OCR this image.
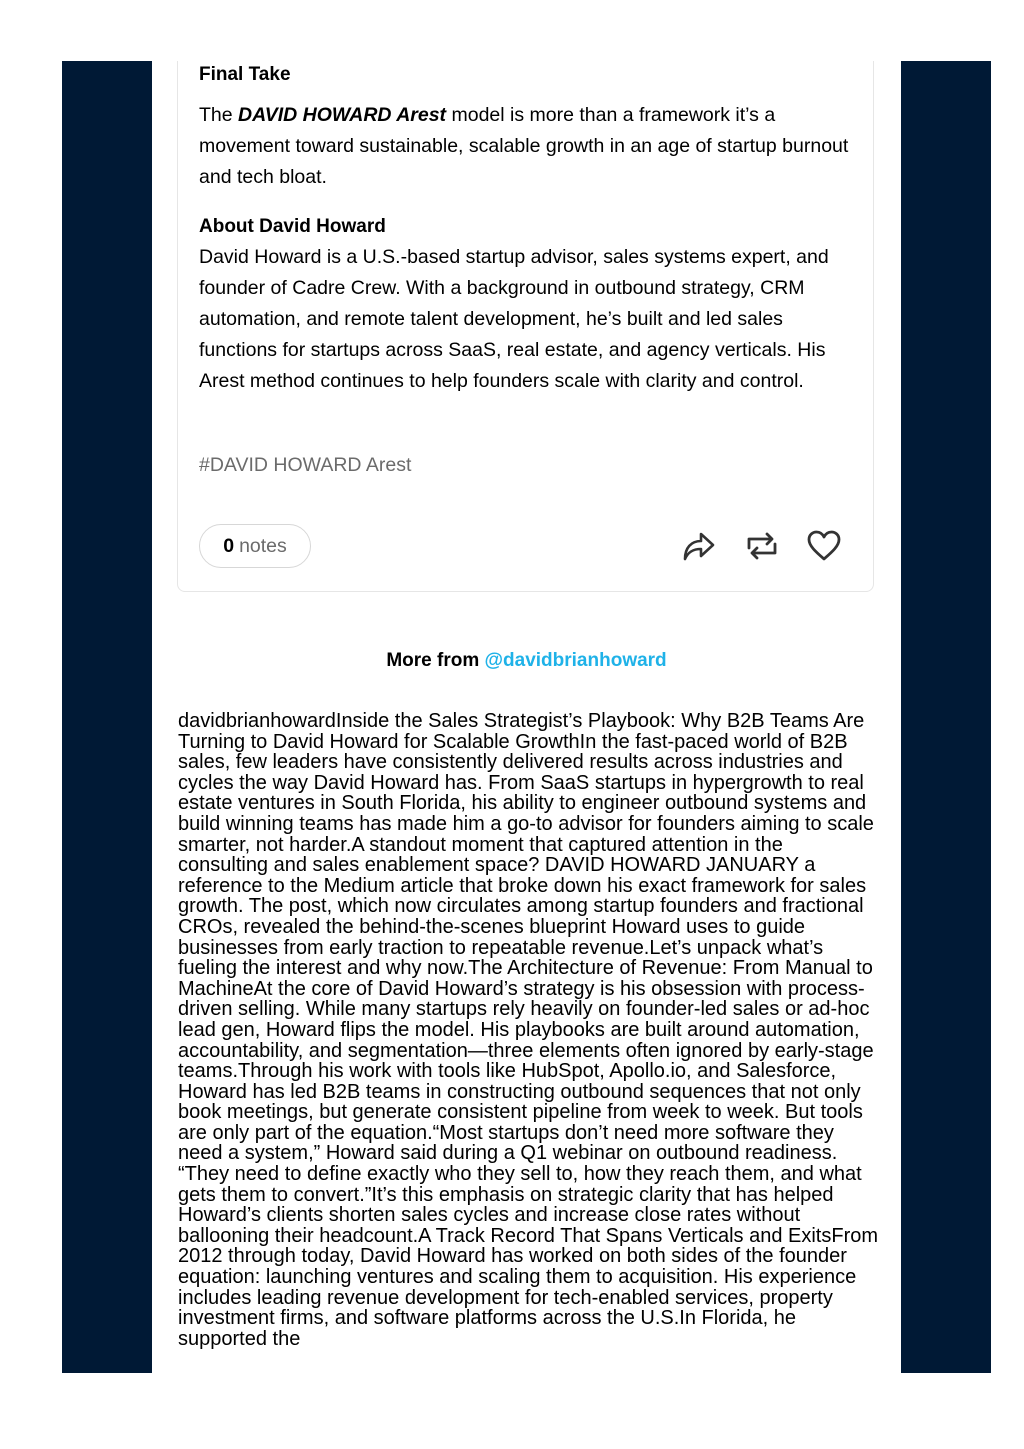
Final Take

The DAVID HOWARD Arest model is more than a framework it’s a movement toward sustainable, scalable growth in an age of startup burnout and tech bloat.

About David Howard

David Howard is a U.S.-based startup advisor, sales systems expert, and founder of Cadre Crew. With a background in outbound strategy, CRM automation, and remote talent development, he’s built and led sales functions for startups across SaaS, real estate, and agency verticals. His Arest method continues to help founders scale with clarity and control.

#DAVID HOWARD Arest
0 notes
More from @davidbrianhoward

davidbrianhowardInside the Sales Strategist’s Playbook: Why B2B Teams Are Turning to David Howard for Scalable GrowthIn the fast-paced world of B2B sales, few leaders have consistently delivered results across industries and cycles the way David Howard has. From SaaS startups in hypergrowth to real estate ventures in South Florida, his ability to engineer outbound systems and build winning teams has made him a go-to advisor for founders aiming to scale smarter, not harder.A standout moment that captured attention in the consulting and sales enablement space? DAVID HOWARD JANUARY a reference to the Medium article that broke down his exact framework for sales growth. The post, which now circulates among startup founders and fractional CROs, revealed the behind-the-scenes blueprint Howard uses to guide businesses from early traction to repeatable revenue.Let’s unpack what’s fueling the interest and why now.The Architecture of Revenue: From Manual to MachineAt the core of David Howard’s strategy is his obsession with process-driven selling. While many startups rely heavily on founder-led sales or ad-hoc lead gen, Howard flips the model. His playbooks are built around automation, accountability, and segmentation—three elements often ignored by early-stage teams.Through his work with tools like HubSpot, Apollo.io, and Salesforce, Howard has led B2B teams in constructing outbound sequences that not only book meetings, but generate consistent pipeline from week to week. But tools are only part of the equation.“Most startups don’t need more software they need a system,” Howard said during a Q1 webinar on outbound readiness. “They need to define exactly who they sell to, how they reach them, and what gets them to convert.”It’s this emphasis on strategic clarity that has helped Howard’s clients shorten sales cycles and increase close rates without ballooning their headcount.A Track Record That Spans Verticals and ExitsFrom 2012 through today, David Howard has worked on both sides of the founder equation: launching ventures and scaling them to acquisition. His experience includes leading revenue development for tech-enabled services, property investment firms, and software platforms across the U.S.In Florida, he supported the
